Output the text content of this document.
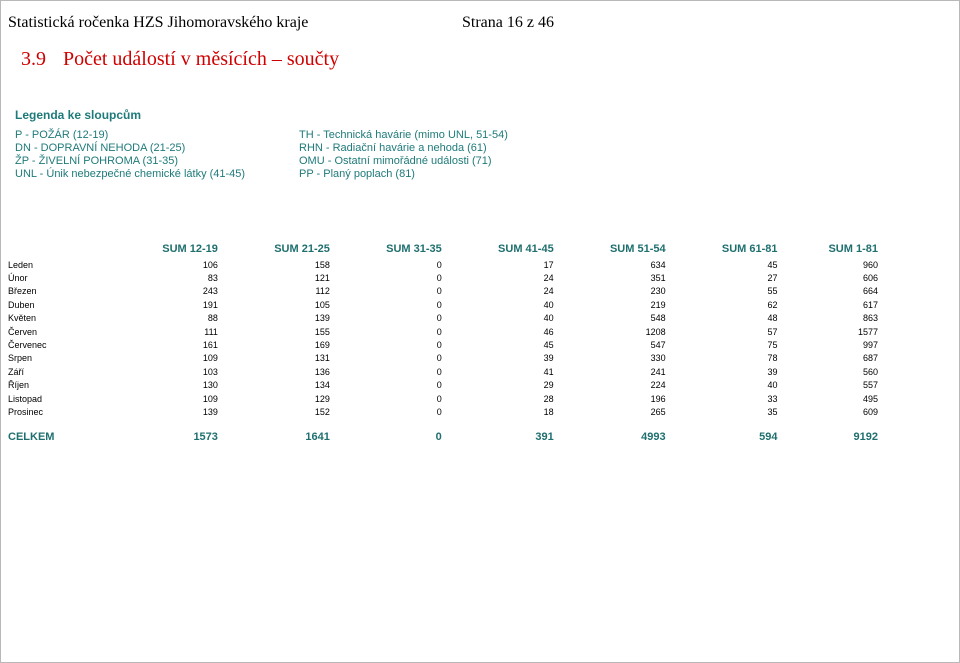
Statistická ročenka HZS Jihomoravského kraje	Strana 16 z 46
3.9 Počet událostí v měsících – součty
Legenda ke sloupcům
P - POŽÁR (12-19)
DN - DOPRAVNÍ NEHODA (21-25)
ŽP - ŽIVELNÍ POHROMA (31-35)
UNL - Únik nebezpečné chemické látky (41-45)
TH - Technická havárie (mimo UNL, 51-54)
RHN - Radiační havárie a nehoda (61)
OMU - Ostatní mimořádné události (71)
PP - Planý poplach (81)
	SUM 12-19	SUM 21-25	SUM 31-35	SUM 41-45	SUM 51-54	SUM 61-81	SUM 1-81
Leden	106	158	0	17	634	45	960
Únor	83	121	0	24	351	27	606
Březen	243	112	0	24	230	55	664
Duben	191	105	0	40	219	62	617
Květen	88	139	0	40	548	48	863
Červen	111	155	0	46	1208	57	1577
Červenec	161	169	0	45	547	75	997
Srpen	109	131	0	39	330	78	687
Září	103	136	0	41	241	39	560
Říjen	130	134	0	29	224	40	557
Listopad	109	129	0	28	196	33	495
Prosinec	139	152	0	18	265	35	609
CELKEM	1573	1641	0	391	4993	594	9192
